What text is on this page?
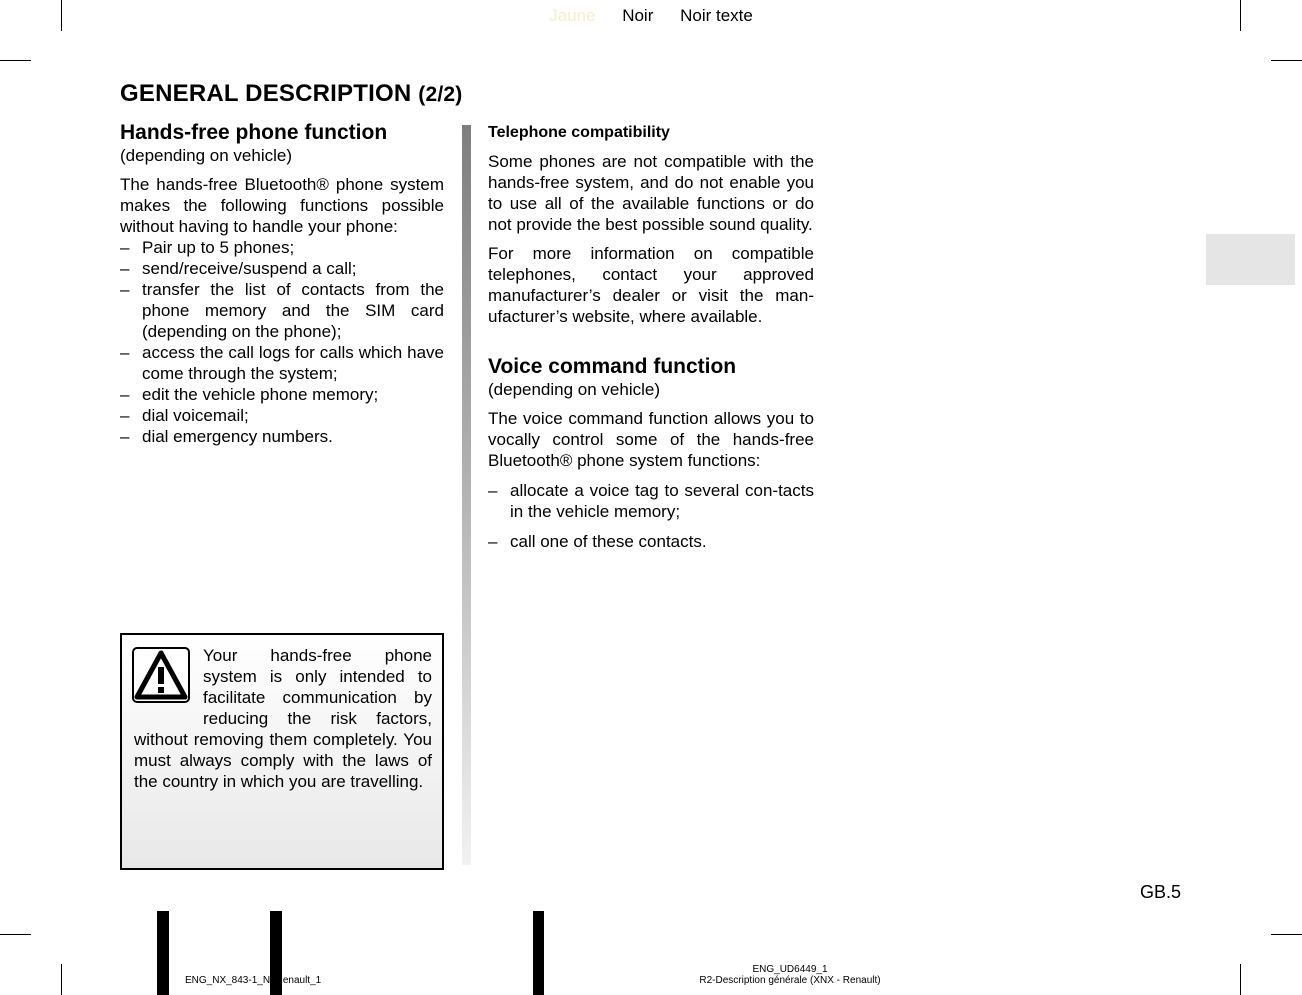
Jaune Noir Noir texte
GENERAL DESCRIPTION (2/2)
Hands-free phone function
(depending on vehicle)

The hands-free Bluetooth® phone system makes the following functions possible without having to handle your phone:

– Pair up to 5 phones;
– send/receive/suspend a call;
– transfer the list of contacts from the phone memory and the SIM card (depending on the phone);
– access the call logs for calls which have come through the system;
– edit the vehicle phone memory;
– dial voicemail;
– dial emergency numbers.
Your hands-free phone system is only intended to facilitate communication by reducing the risk factors, without removing them completely. You must always comply with the laws of the country in which you are travelling.
Telephone compatibility

Some phones are not compatible with the hands-free system, and do not enable you to use all of the available functions or do not provide the best possible sound quality.

For more information on compatible telephones, contact your approved manufacturer’s dealer or visit the man-ufacturer’s website, where available.

Voice command function
(depending on vehicle)

The voice command function allows you to vocally control some of the hands-free Bluetooth® phone system functions:

– allocate a voice tag to several con-tacts in the vehicle memory;
– call one of these contacts.
GB.5
ENG_NX_843-1_N_Renault_1
ENG_UD6449_1
R2-Description générale (XNX - Renault)
